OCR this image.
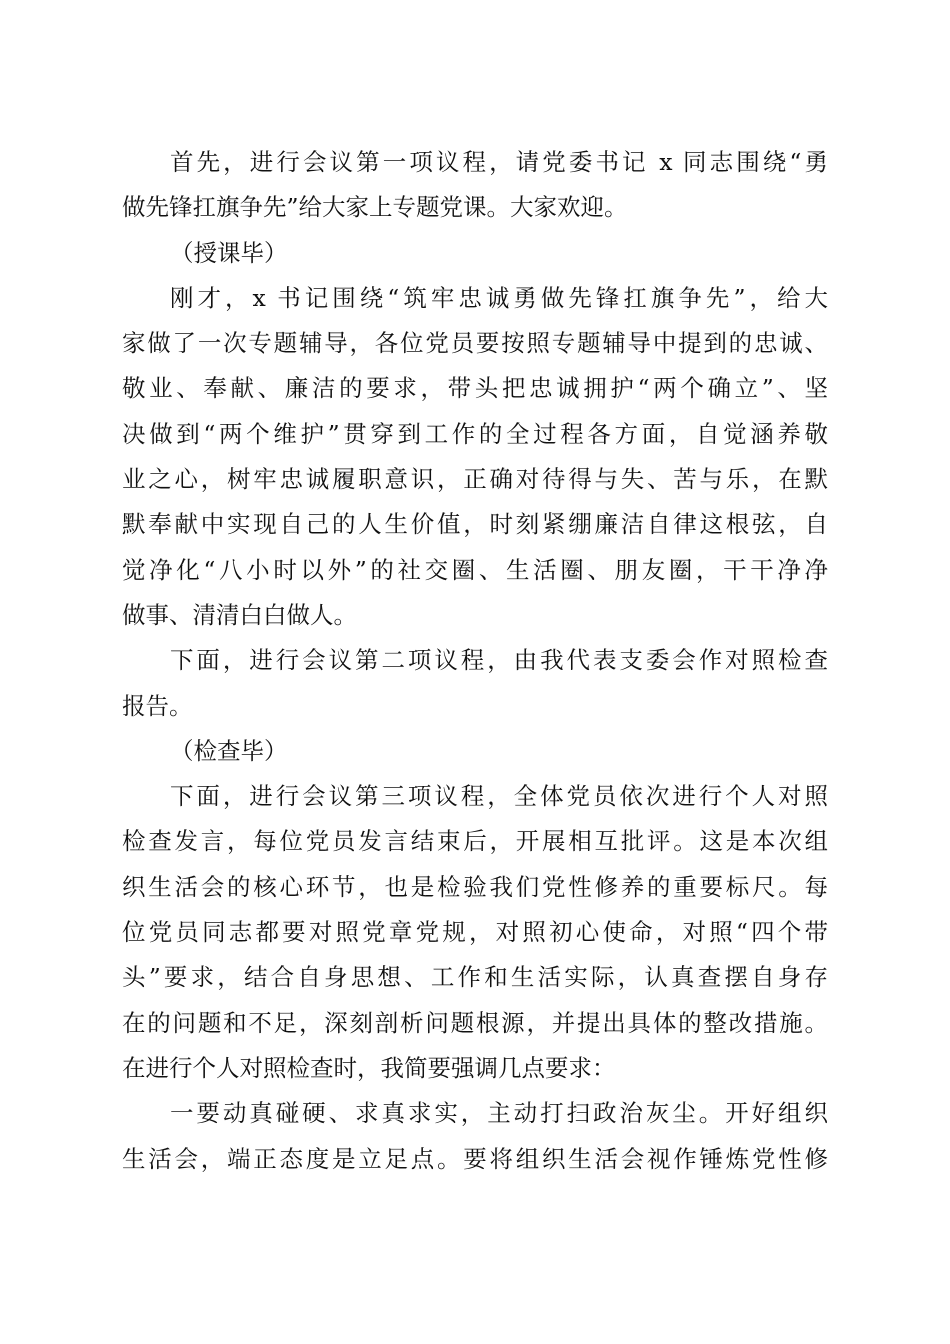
首先，进行会议第一项议程，请党委书记 x 同志围绕“勇
做先锋扛旗争先”给大家上专题党课。大家欢迎。
（授课毕）
刚才，x 书记围绕“筑牢忠诚勇做先锋扛旗争先”，给大
家做了一次专题辅导，各位党员要按照专题辅导中提到的忠诚、
敬业、奉献、廉洁的要求，带头把忠诚拥护“两个确立”、坚
决做到“两个维护”贯穿到工作的全过程各方面，自觉涵养敬
业之心，树牢忠诚履职意识，正确对待得与失、苦与乐，在默
默奉献中实现自己的人生价值，时刻紧绷廉洁自律这根弦，自
觉净化“八小时以外”的社交圈、生活圈、朋友圈，干干净净
做事、清清白白做人。
下面，进行会议第二项议程，由我代表支委会作对照检查
报告。
（检查毕）
下面，进行会议第三项议程，全体党员依次进行个人对照
检查发言，每位党员发言结束后，开展相互批评。这是本次组
织生活会的核心环节，也是检验我们党性修养的重要标尺。每
位党员同志都要对照党章党规，对照初心使命，对照“四个带
头”要求，结合自身思想、工作和生活实际，认真查摆自身存
在的问题和不足，深刻剖析问题根源，并提出具体的整改措施。
在进行个人对照检查时，我简要强调几点要求：
一要动真碰硬、求真求实，主动打扫政治灰尘。开好组织
生活会，端正态度是立足点。要将组织生活会视作锤炼党性修
